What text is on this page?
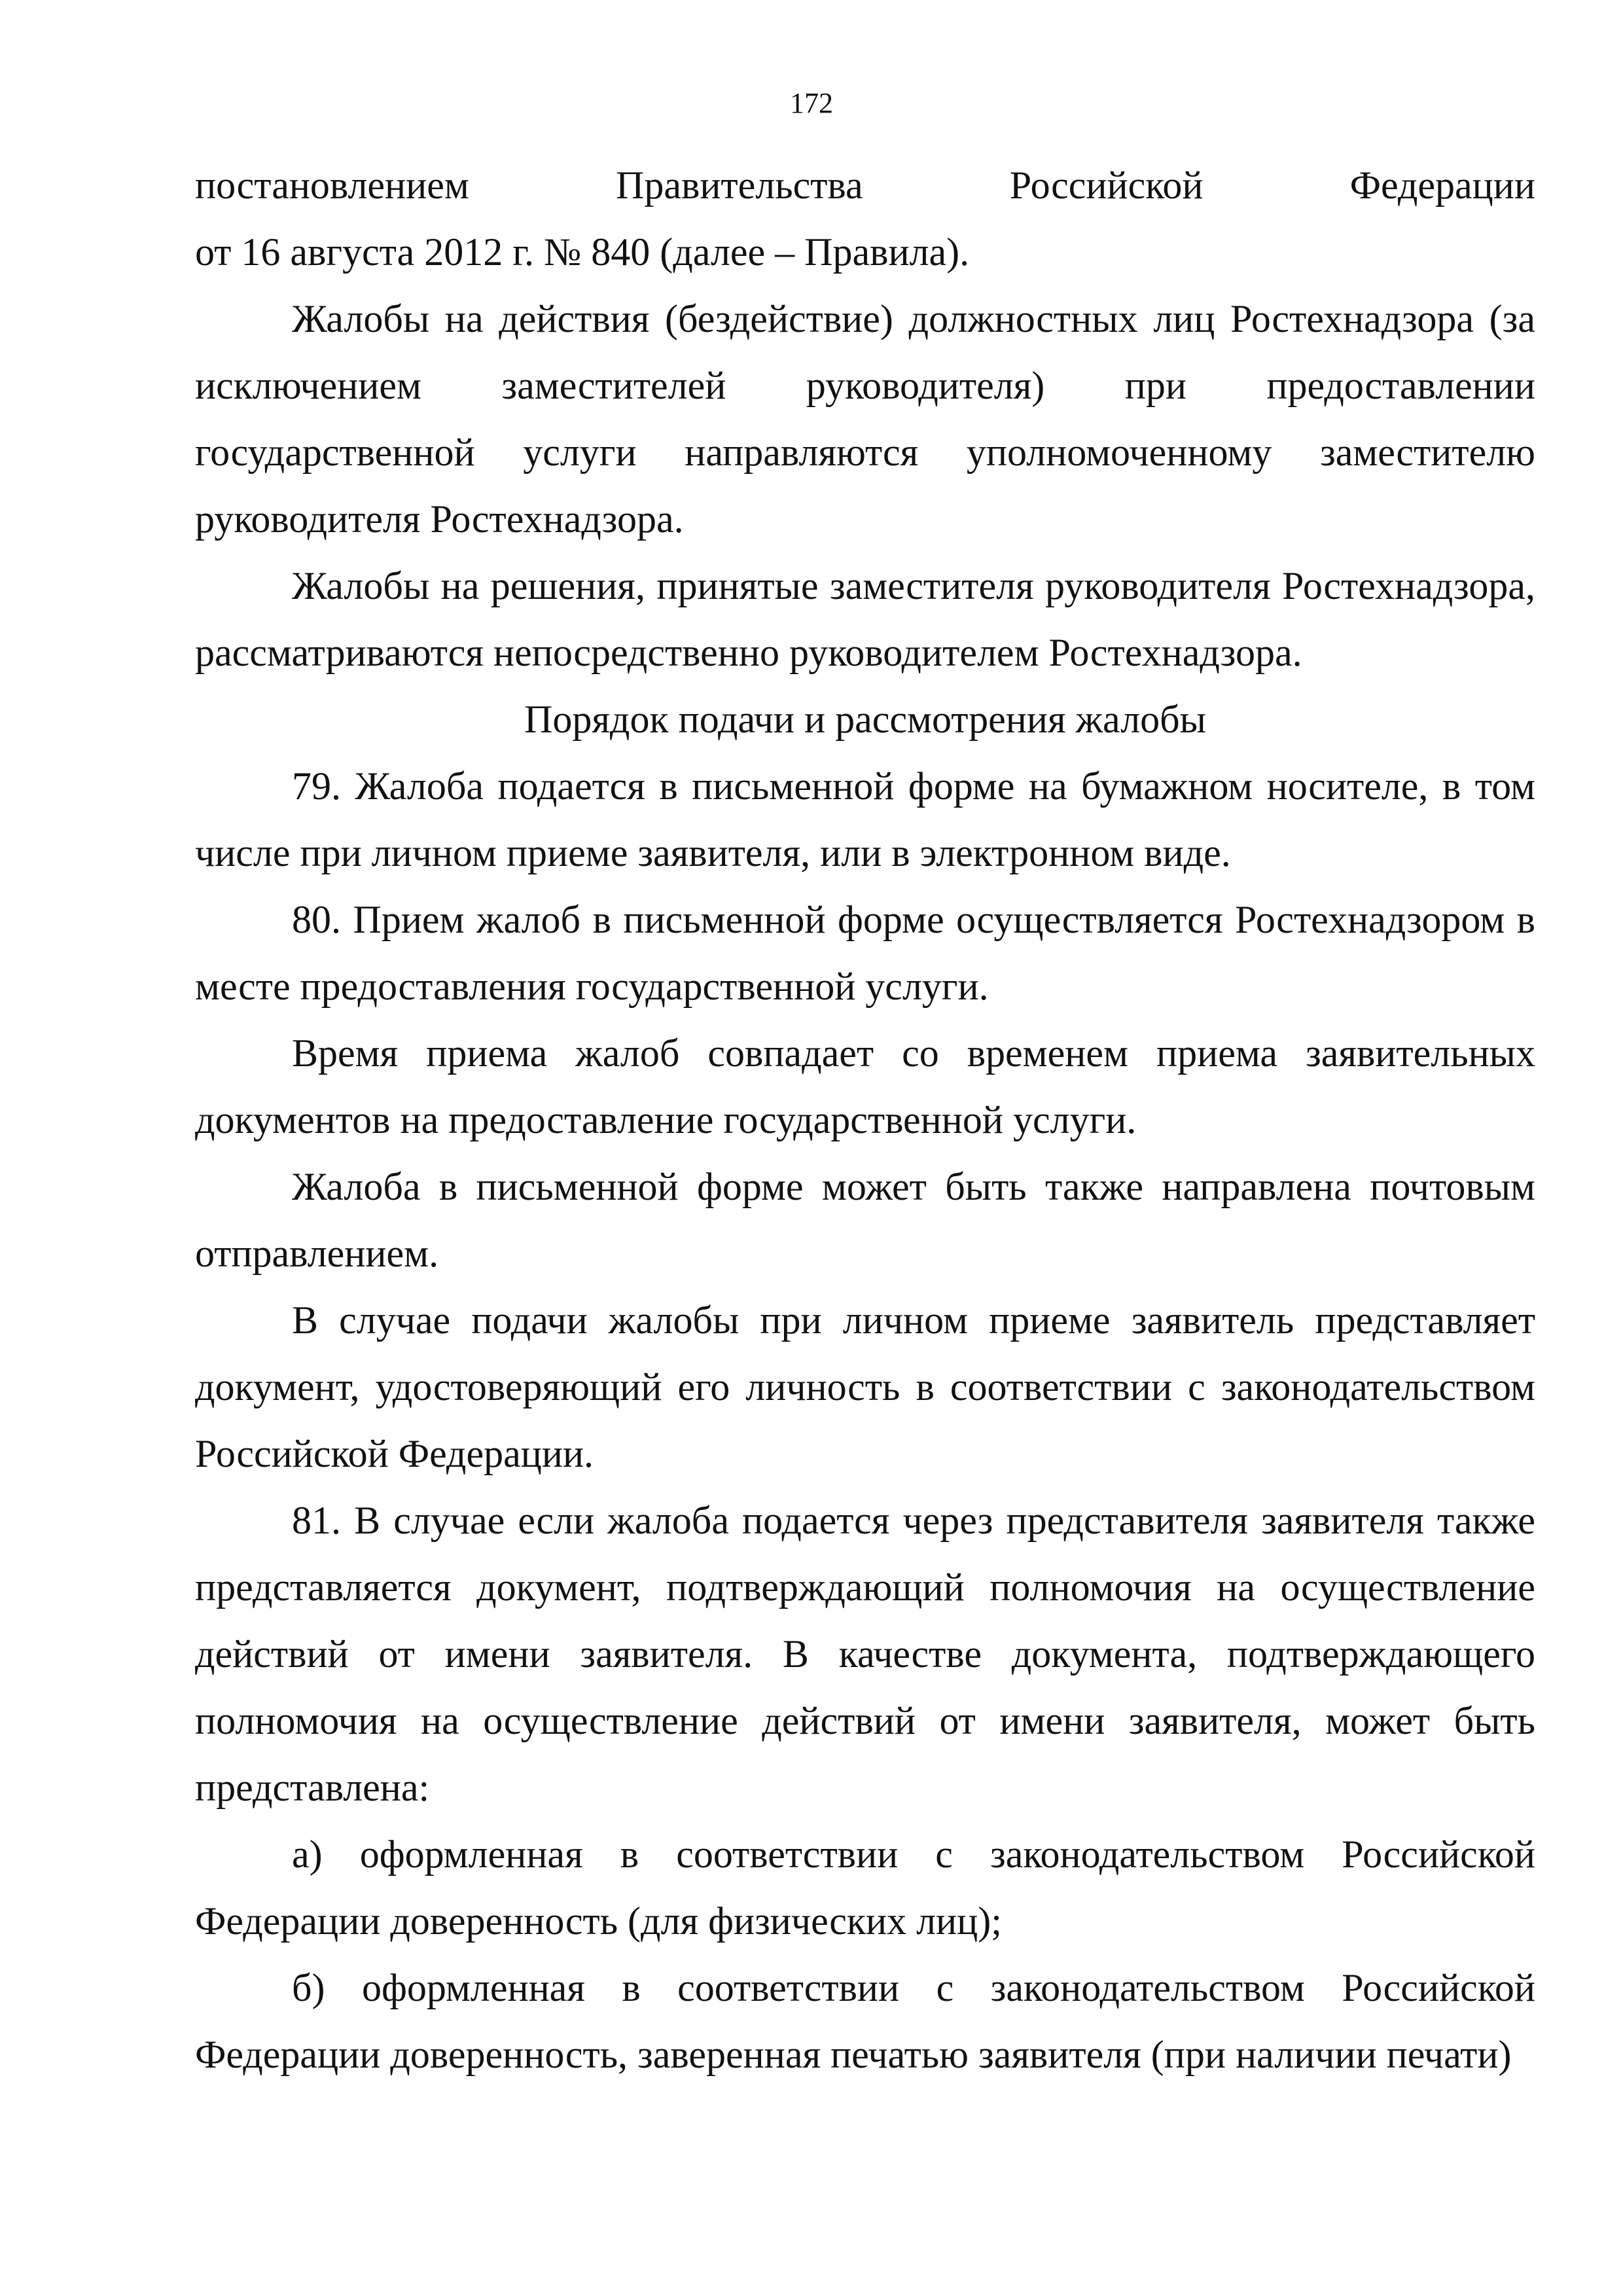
172

постановлением Правительства Российской Федерации
от 16 августа 2012 г. № 840 (далее – Правила).

Жалобы на действия (бездействие) должностных лиц Ростехнадзора (за исключением заместителей руководителя) при предоставлении государственной услуги направляются уполномоченному заместителю руководителя Ростехнадзора.

Жалобы на решения, принятые заместителя руководителя Ростехнадзора, рассматриваются непосредственно руководителем Ростехнадзора.

Порядок подачи и рассмотрения жалобы

79. Жалоба подается в письменной форме на бумажном носителе, в том числе при личном приеме заявителя, или в электронном виде.

80. Прием жалоб в письменной форме осуществляется Ростехнадзором в месте предоставления государственной услуги.

Время приема жалоб совпадает со временем приема заявительных документов на предоставление государственной услуги.

Жалоба в письменной форме может быть также направлена почтовым отправлением.

В случае подачи жалобы при личном приеме заявитель представляет документ, удостоверяющий его личность в соответствии с законодательством Российской Федерации.

81. В случае если жалоба подается через представителя заявителя также представляется документ, подтверждающий полномочия на осуществление действий от имени заявителя. В качестве документа, подтверждающего полномочия на осуществление действий от имени заявителя, может быть представлена:

а) оформленная в соответствии с законодательством Российской Федерации доверенность (для физических лиц);

б) оформленная в соответствии с законодательством Российской Федерации доверенность, заверенная печатью заявителя (при наличии печати)
